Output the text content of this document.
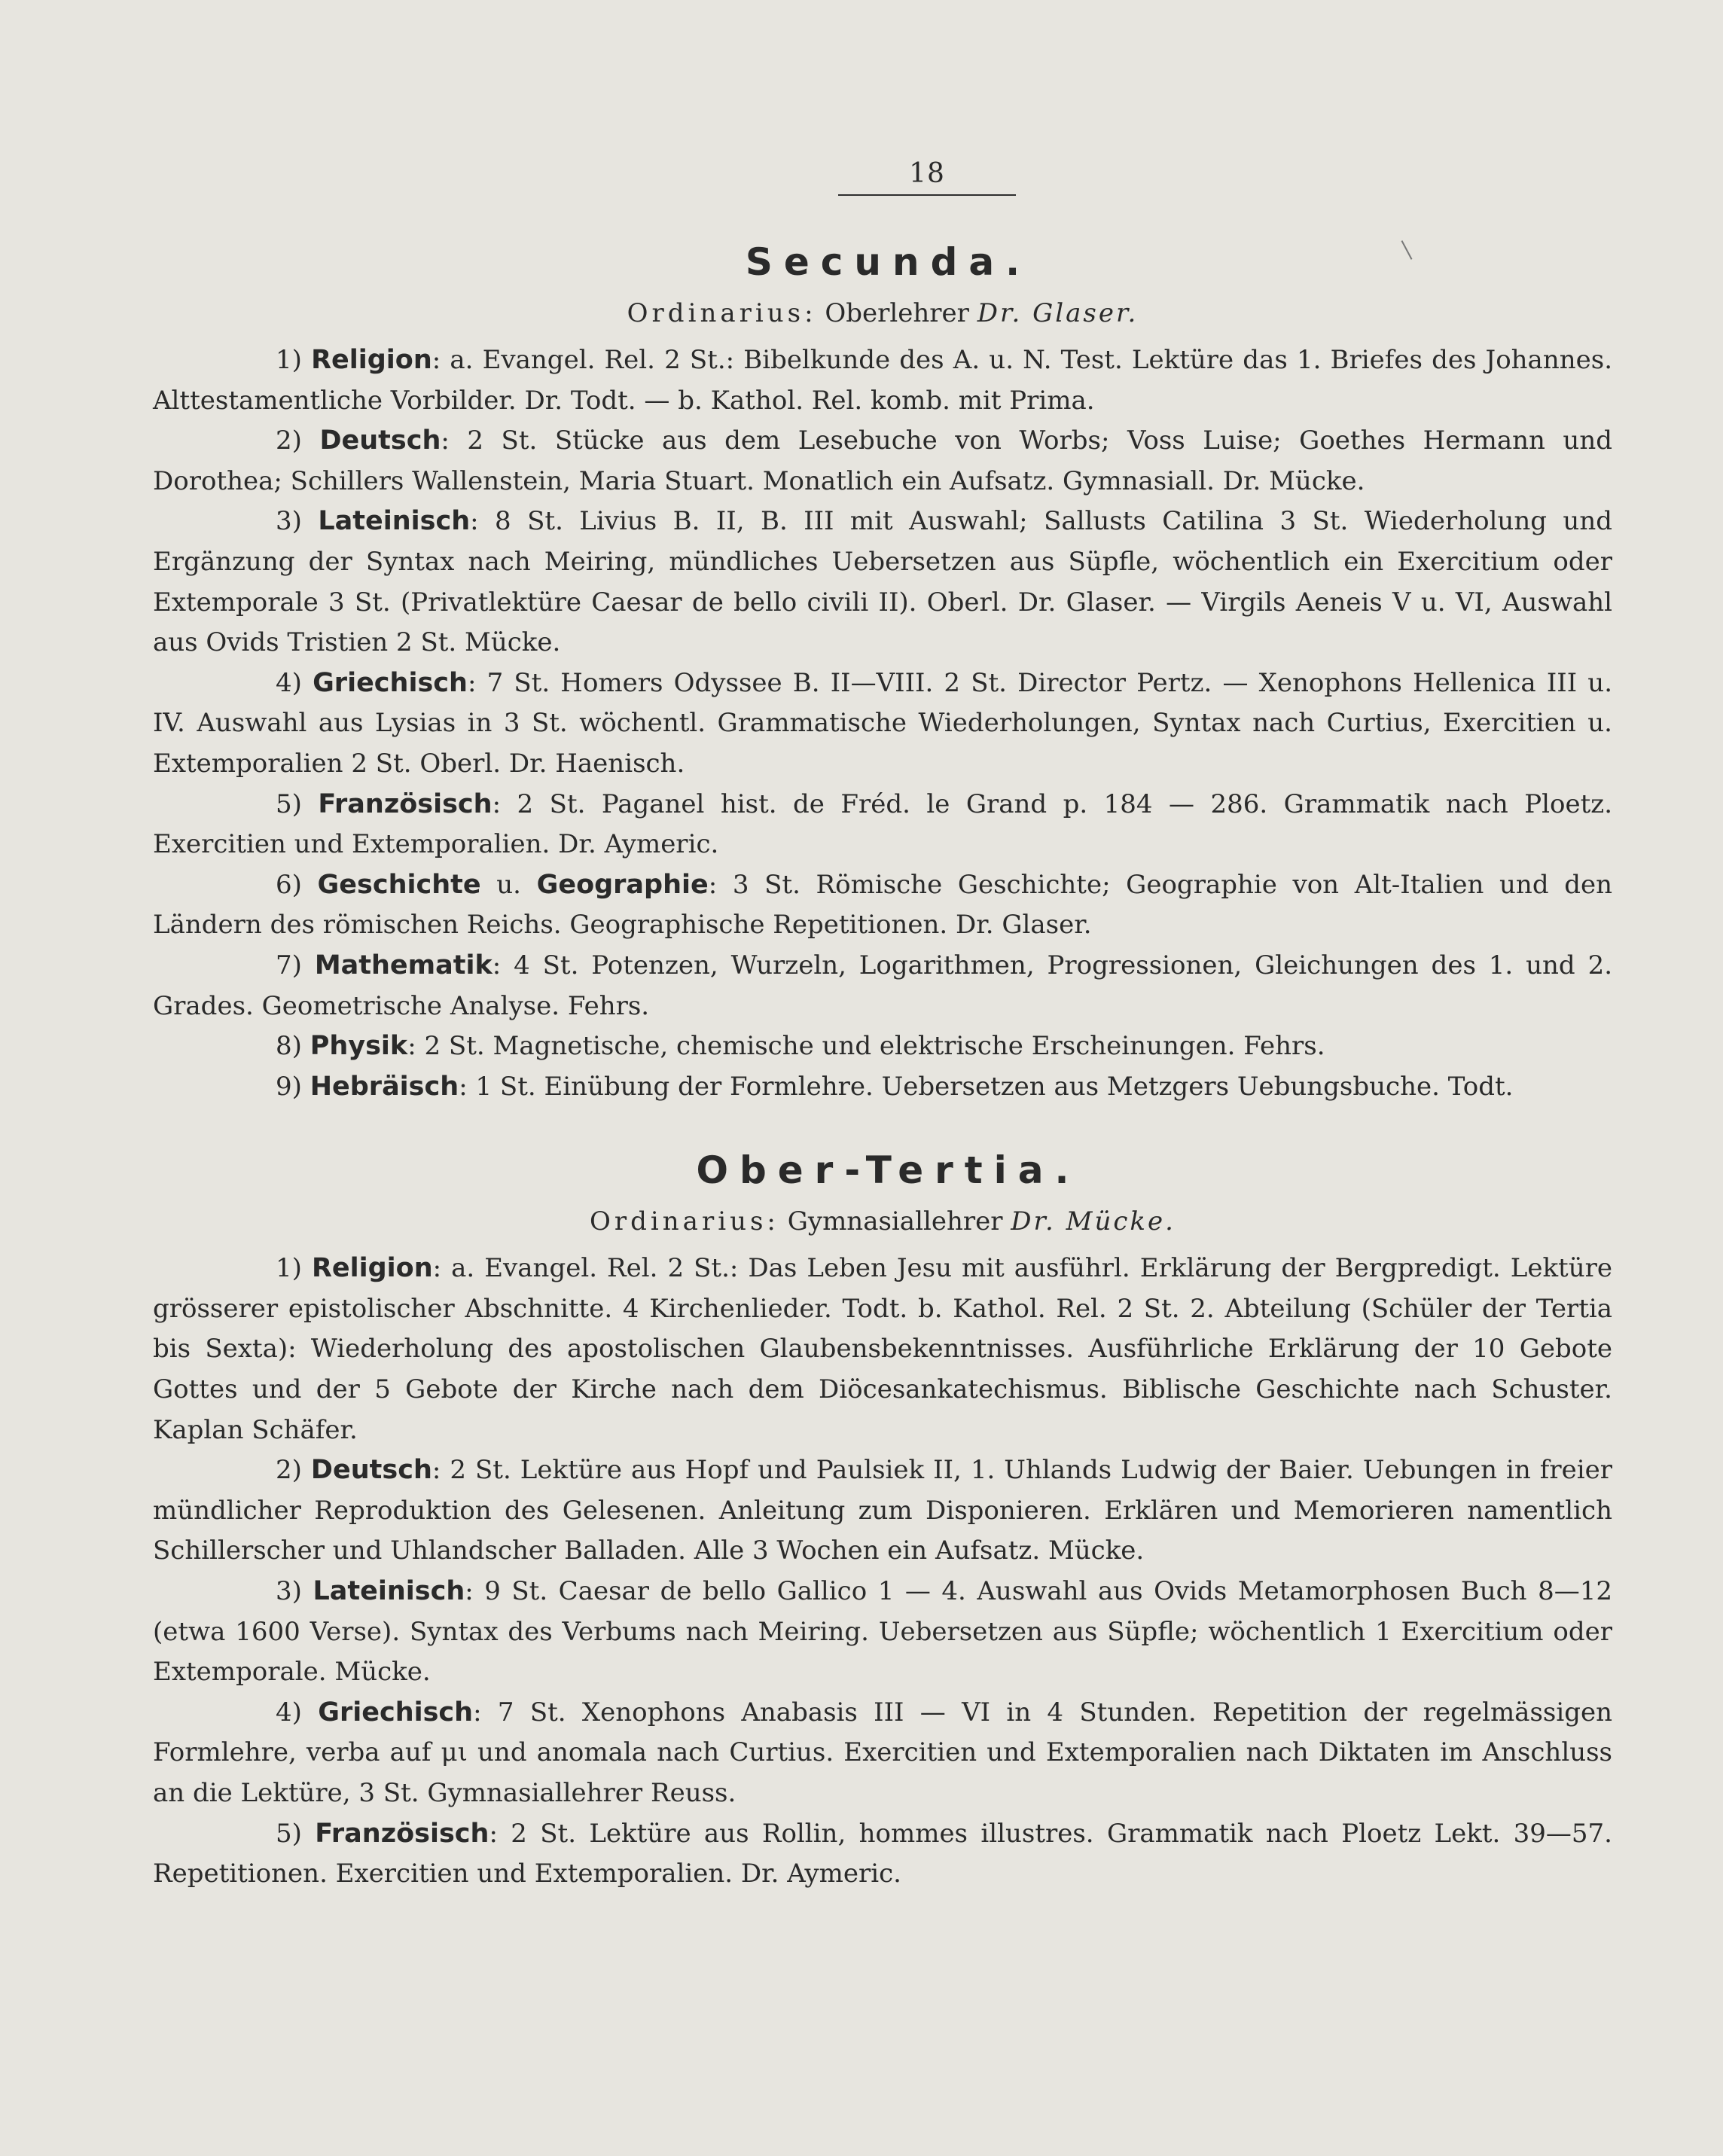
18
Secunda.

Ordinarius: Oberlehrer Dr. Glaser.

1) Religion: a. Evangel. Rel. 2 St.: Bibelkunde des A. u. N. Test. Lektüre das 1. Briefes des Johannes. Alttestamentliche Vorbilder. Dr. Todt. — b. Kathol. Rel. komb. mit Prima.

2) Deutsch: 2 St. Stücke aus dem Lesebuche von Worbs; Voss Luise; Goethes Hermann und Dorothea; Schillers Wallenstein, Maria Stuart. Monatlich ein Aufsatz. Gymnasiall. Dr. Mücke.

3) Lateinisch: 8 St. Livius B. II, B. III mit Auswahl; Sallusts Catilina 3 St. Wiederholung und Ergänzung der Syntax nach Meiring, mündliches Uebersetzen aus Süpfle, wöchentlich ein Exercitium oder Extemporale 3 St. (Privatlektüre Caesar de bello civili II). Oberl. Dr. Glaser. — Virgils Aeneis V u. VI, Auswahl aus Ovids Tristien 2 St. Mücke.

4) Griechisch: 7 St. Homers Odyssee B. II—VIII. 2 St. Director Pertz. — Xenophons Hellenica III u. IV. Auswahl aus Lysias in 3 St. wöchentl. Grammatische Wiederholungen, Syntax nach Curtius, Exercitien u. Extemporalien 2 St. Oberl. Dr. Haenisch.

5) Französisch: 2 St. Paganel hist. de Fréd. le Grand p. 184 — 286. Grammatik nach Ploetz. Exercitien und Extemporalien. Dr. Aymeric.

6) Geschichte u. Geographie: 3 St. Römische Geschichte; Geographie von Alt-Italien und den Ländern des römischen Reichs. Geographische Repetitionen. Dr. Glaser.

7) Mathematik: 4 St. Potenzen, Wurzeln, Logarithmen, Progressionen, Gleichungen des 1. und 2. Grades. Geometrische Analyse. Fehrs.

8) Physik: 2 St. Magnetische, chemische und elektrische Erscheinungen. Fehrs.

9) Hebräisch: 1 St. Einübung der Formlehre. Uebersetzen aus Metzgers Uebungsbuche. Todt.

Ober-Tertia.

Ordinarius: Gymnasiallehrer Dr. Mücke.

1) Religion: a. Evangel. Rel. 2 St.: Das Leben Jesu mit ausführl. Erklärung der Bergpredigt. Lektüre grösserer epistolischer Abschnitte. 4 Kirchenlieder. Todt. b. Kathol. Rel. 2 St. 2. Abteilung (Schüler der Tertia bis Sexta): Wiederholung des apostolischen Glaubensbekenntnisses. Ausführliche Erklärung der 10 Gebote Gottes und der 5 Gebote der Kirche nach dem Diöcesankatechismus. Biblische Geschichte nach Schuster. Kaplan Schäfer.

2) Deutsch: 2 St. Lektüre aus Hopf und Paulsiek II, 1. Uhlands Ludwig der Baier. Uebungen in freier mündlicher Reproduktion des Gelesenen. Anleitung zum Disponieren. Erklären und Memorieren namentlich Schillerscher und Uhlandscher Balladen. Alle 3 Wochen ein Aufsatz. Mücke.

3) Lateinisch: 9 St. Caesar de bello Gallico 1 — 4. Auswahl aus Ovids Metamorphosen Buch 8—12 (etwa 1600 Verse). Syntax des Verbums nach Meiring. Uebersetzen aus Süpfle; wöchentlich 1 Exercitium oder Extemporale. Mücke.

4) Griechisch: 7 St. Xenophons Anabasis III — VI in 4 Stunden. Repetition der regelmässigen Formlehre, verba auf μι und anomala nach Curtius. Exercitien und Extemporalien nach Diktaten im Anschluss an die Lektüre, 3 St. Gymnasiallehrer Reuss.

5) Französisch: 2 St. Lektüre aus Rollin, hommes illustres. Grammatik nach Ploetz Lekt. 39—57. Repetitionen. Exercitien und Extemporalien. Dr. Aymeric.
